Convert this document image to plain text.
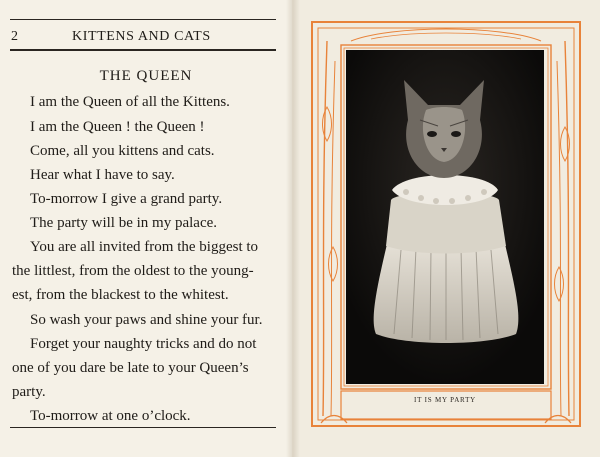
2	KITTENS AND CATS
THE QUEEN
I am the Queen of all the Kittens.
I am the Queen ! the Queen !
Come, all you kittens and cats.
Hear what I have to say.
To-morrow I give a grand party.
The party will be in my palace.
You are all invited from the biggest to
the littlest, from the oldest to the young-
est, from the blackest to the whitest.
So wash your paws and shine your fur.
Forget your naughty tricks and do not
one of you dare be late to your Queen’s
party.
To-morrow at one o’clock.
IT IS MY PARTY
